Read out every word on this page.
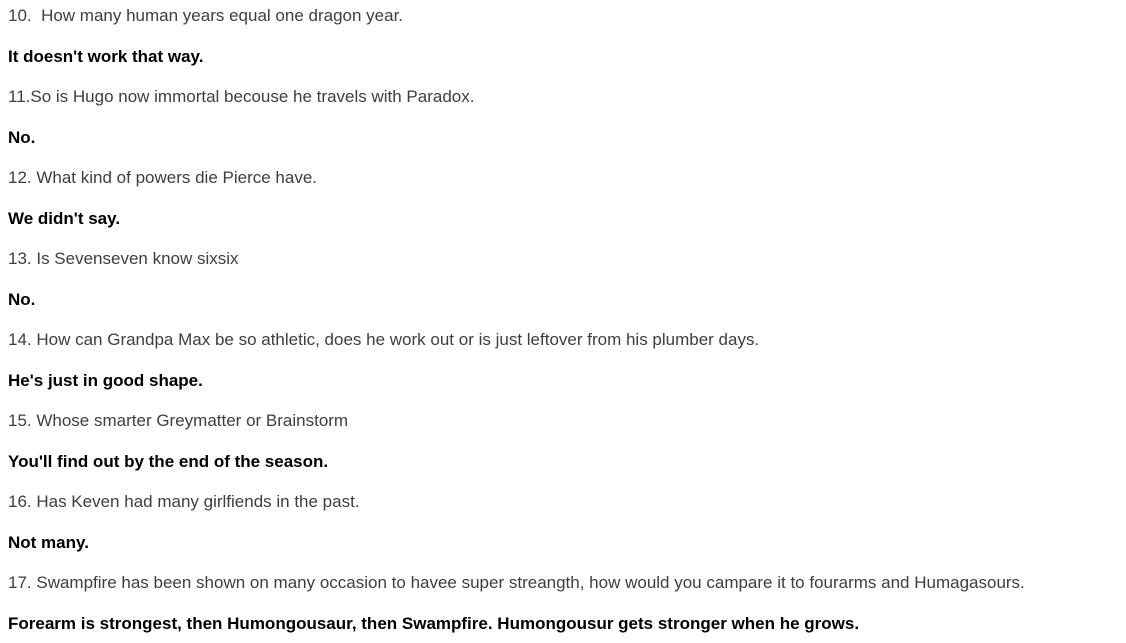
10.  How many human years equal one dragon year.

It doesn't work that way.

11.So is Hugo now immortal becouse he travels with Paradox.

No.

12. What kind of powers die Pierce have.

We didn't say.

13. Is Sevenseven know sixsix

No.

14. How can Grandpa Max be so athletic, does he work out or is just leftover from his plumber days.

He's just in good shape.

15. Whose smarter Greymatter or Brainstorm

You'll find out by the end of the season.

16. Has Keven had many girlfiends in the past.

Not many.

17. Swampfire has been shown on many occasion to havee super streangth, how would you campare it to fourarms and Humagasours.

Forearm is strongest, then Humongousaur, then Swampfire. Humongousur gets stronger when he grows.
